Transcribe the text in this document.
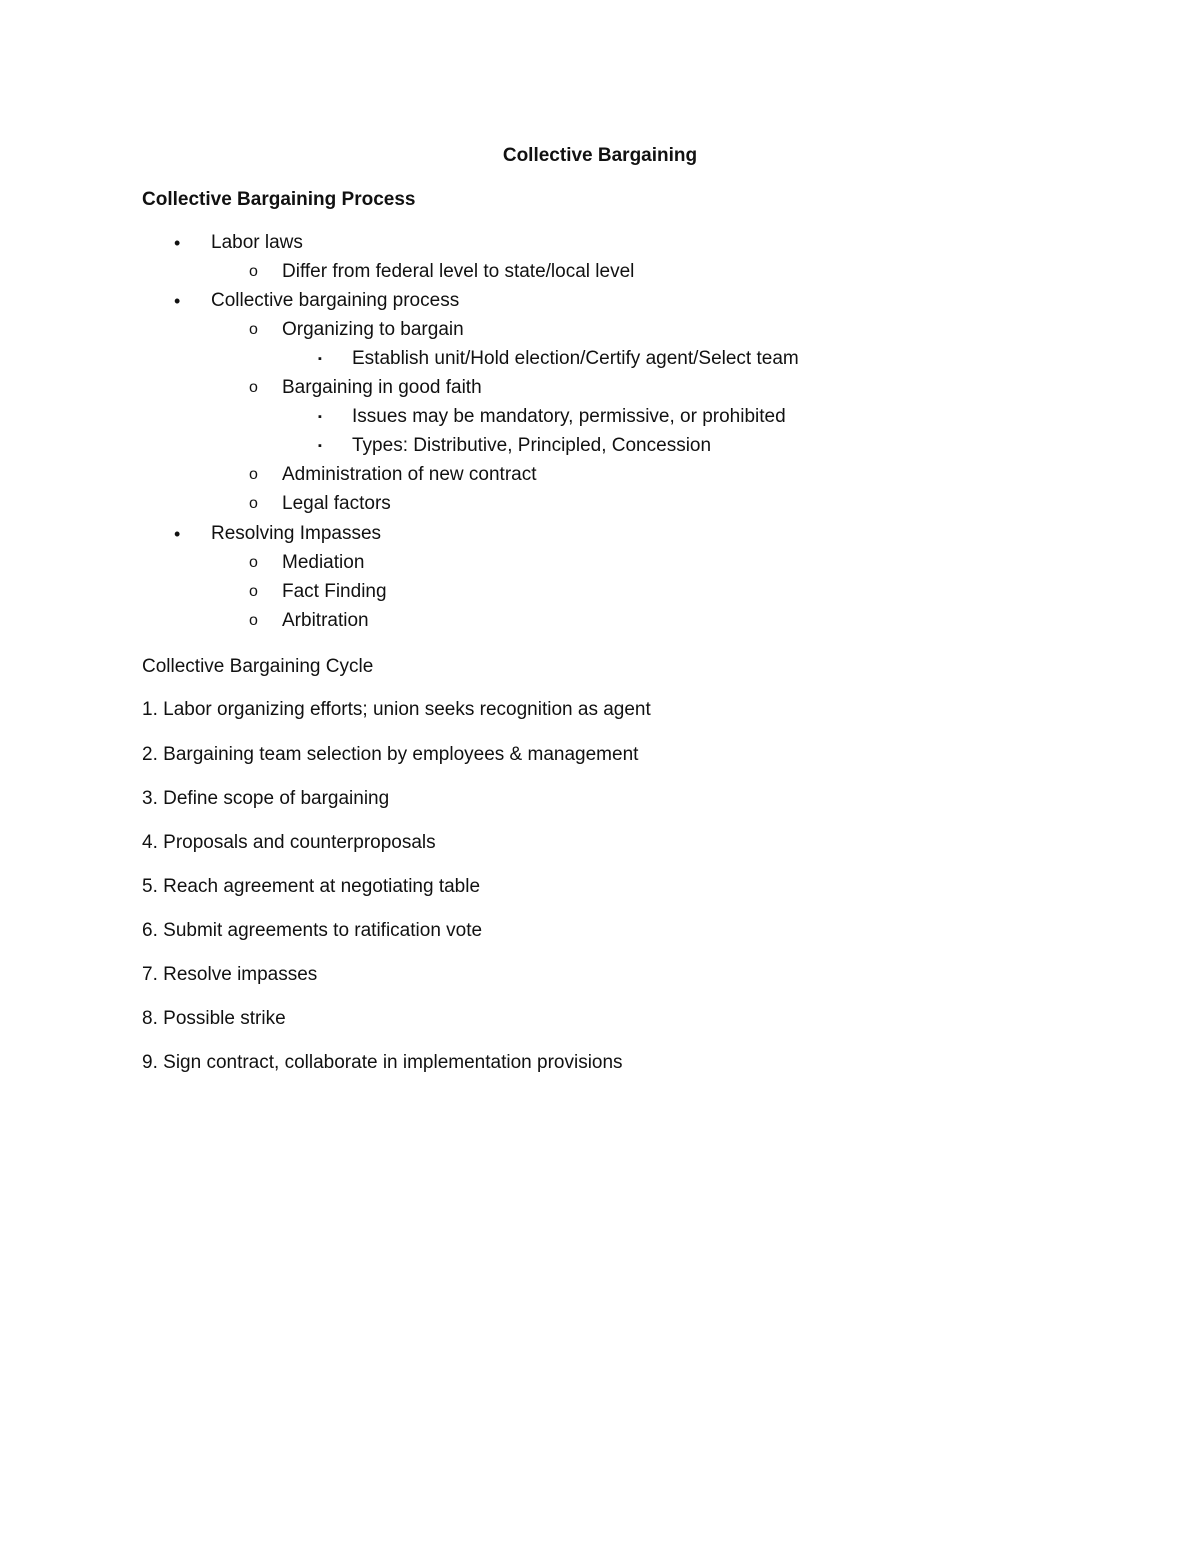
Collective Bargaining
Collective Bargaining Process
• Labor laws
o Differ from federal level to state/local level
• Collective bargaining process
o Organizing to bargain
▪ Establish unit/Hold election/Certify agent/Select team
o Bargaining in good faith
▪ Issues may be mandatory, permissive, or prohibited
▪ Types: Distributive, Principled, Concession
o Administration of new contract
o Legal factors
• Resolving Impasses
o Mediation
o Fact Finding
o Arbitration
Collective Bargaining Cycle
1. Labor organizing efforts; union seeks recognition as agent
2. Bargaining team selection by employees & management
3. Define scope of bargaining
4. Proposals and counterproposals
5. Reach agreement at negotiating table
6. Submit agreements to ratification vote
7. Resolve impasses
8. Possible strike
9. Sign contract, collaborate in implementation provisions
